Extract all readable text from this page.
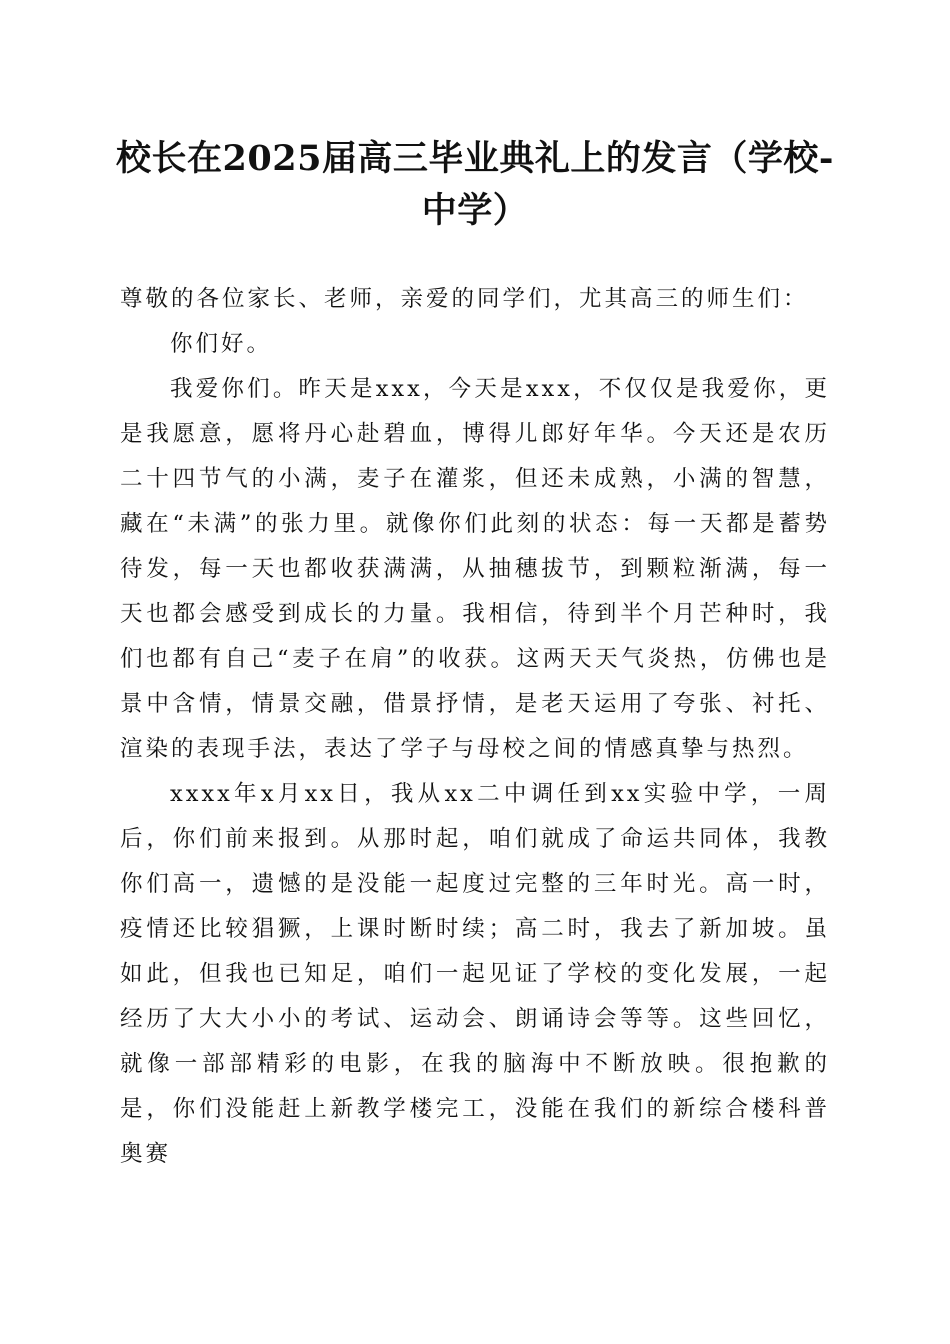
校长在2025届高三毕业典礼上的发言（学校-中学）

尊敬的各位家长、老师，亲爱的同学们，尤其高三的师生们：

你们好。

我爱你们。昨天是xxx，今天是xxx，不仅仅是我爱你，更是我愿意，愿将丹心赴碧血，博得儿郎好年华。今天还是农历二十四节气的小满，麦子在灌浆，但还未成熟，小满的智慧，藏在“未满”的张力里。就像你们此刻的状态：每一天都是蓄势待发，每一天也都收获满满，从抽穗拔节，到颗粒渐满，每一天也都会感受到成长的力量。我相信，待到半个月芒种时，我们也都有自己“麦子在肩”的收获。这两天天气炎热，仿佛也是景中含情，情景交融，借景抒情，是老天运用了夸张、衬托、渲染的表现手法，表达了学子与母校之间的情感真挚与热烈。

xxxx年x月xx日，我从xx二中调任到xx实验中学，一周后，你们前来报到。从那时起，咱们就成了命运共同体，我教你们高一，遗憾的是没能一起度过完整的三年时光。高一时，疫情还比较猖獗，上课时断时续；高二时，我去了新加坡。虽如此，但我也已知足，咱们一起见证了学校的变化发展，一起经历了大大小小的考试、运动会、朗诵诗会等等。这些回忆，就像一部部精彩的电影，在我的脑海中不断放映。很抱歉的是，你们没能赶上新教学楼完工，没能在我们的新综合楼科普奥赛
